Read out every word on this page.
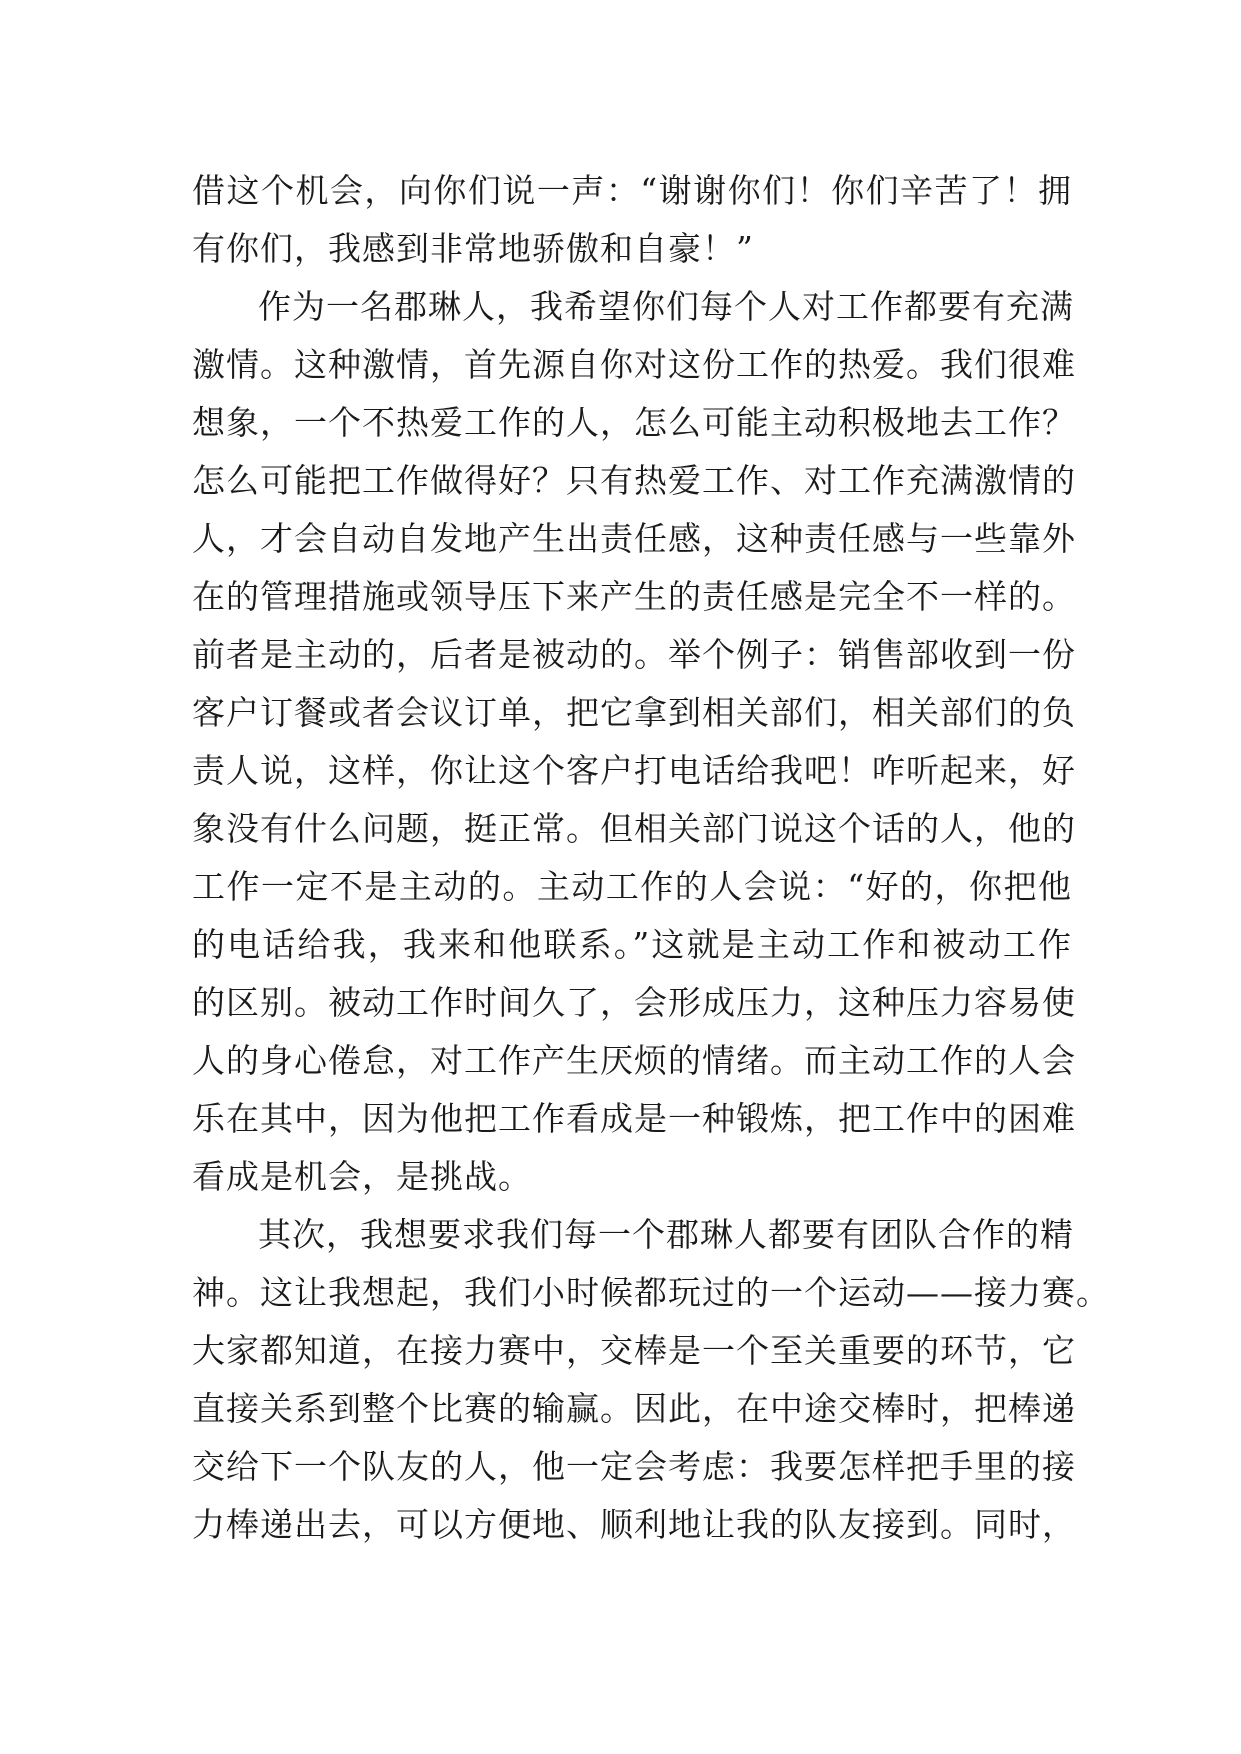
借这个机会，向你们说一声：“谢谢你们！你们辛苦了！拥
有你们，我感到非常地骄傲和自豪！”
作为一名郡琳人，我希望你们每个人对工作都要有充满
激情。这种激情，首先源自你对这份工作的热爱。我们很难
想象，一个不热爱工作的人，怎么可能主动积极地去工作？
怎么可能把工作做得好？只有热爱工作、对工作充满激情的
人，才会自动自发地产生出责任感，这种责任感与一些靠外
在的管理措施或领导压下来产生的责任感是完全不一样的。
前者是主动的，后者是被动的。举个例子：销售部收到一份
客户订餐或者会议订单，把它拿到相关部们，相关部们的负
责人说，这样，你让这个客户打电话给我吧！咋听起来，好
象没有什么问题，挺正常。但相关部门说这个话的人，他的
工作一定不是主动的。主动工作的人会说：“好的，你把他
的电话给我，我来和他联系。”这就是主动工作和被动工作
的区别。被动工作时间久了，会形成压力，这种压力容易使
人的身心倦怠，对工作产生厌烦的情绪。而主动工作的人会
乐在其中，因为他把工作看成是一种锻炼，把工作中的困难
看成是机会，是挑战。
其次，我想要求我们每一个郡琳人都要有团队合作的精
神。这让我想起，我们小时候都玩过的一个运动——接力赛。
大家都知道，在接力赛中，交棒是一个至关重要的环节，它
直接关系到整个比赛的输赢。因此，在中途交棒时，把棒递
交给下一个队友的人，他一定会考虑：我要怎样把手里的接
力棒递出去，可以方便地、顺利地让我的队友接到。同时，
